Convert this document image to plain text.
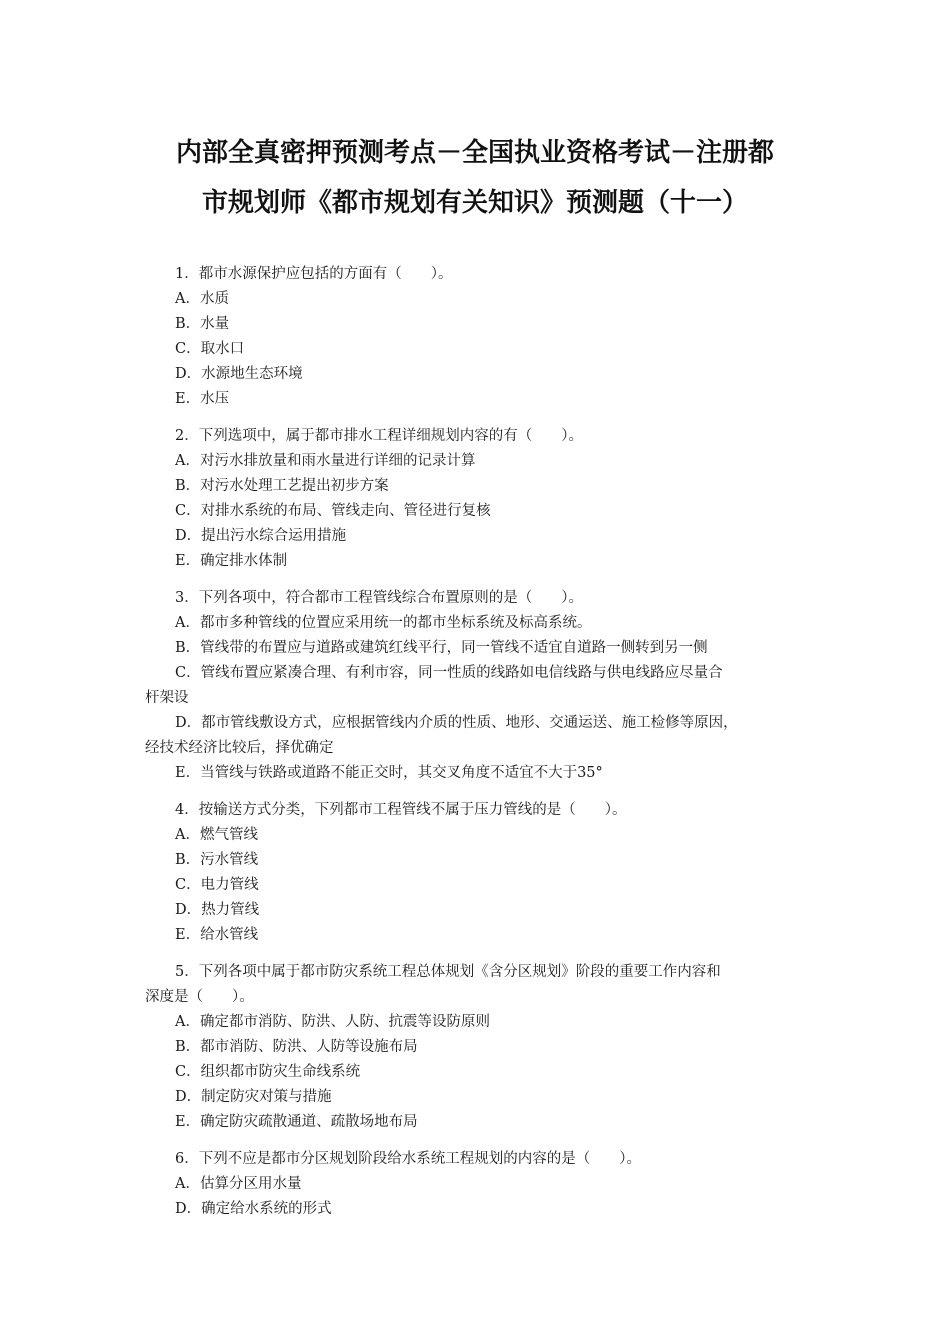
内部全真密押预测考点－全国执业资格考试－注册都
市规划师《都市规划有关知识》预测题（十一）
1．都市水源保护应包括的方面有（　　）。
A．水质
B．水量
C．取水口
D．水源地生态环境
E．水压
2．下列选项中，属于都市排水工程详细规划内容的有（　　）。
A．对污水排放量和雨水量进行详细的记录计算
B．对污水处理工艺提出初步方案
C．对排水系统的布局、管线走向、管径进行复核
D．提出污水综合运用措施
E．确定排水体制
3．下列各项中，符合都市工程管线综合布置原则的是（　　）。
A．都市多种管线的位置应采用统一的都市坐标系统及标高系统。
B．管线带的布置应与道路或建筑红线平行，同一管线不适宜自道路一侧转到另一侧
C．管线布置应紧凑合理、有利市容，同一性质的线路如电信线路与供电线路应尽量合
杆架设
D．都市管线敷设方式，应根据管线内介质的性质、地形、交通运送、施工检修等原因，
经技术经济比较后，择优确定
E．当管线与铁路或道路不能正交时，其交叉角度不适宜不大于35°
4．按输送方式分类，下列都市工程管线不属于压力管线的是（　　）。
A．燃气管线
B．污水管线
C．电力管线
D．热力管线
E．给水管线
5．下列各项中属于都市防灾系统工程总体规划《含分区规划》阶段的重要工作内容和
深度是（　　）。
A．确定都市消防、防洪、人防、抗震等设防原则
B．都市消防、防洪、人防等设施布局
C．组织都市防灾生命线系统
D．制定防灾对策与措施
E．确定防灾疏散通道、疏散场地布局
6．下列不应是都市分区规划阶段给水系统工程规划的内容的是（　　）。
A．估算分区用水量
D．确定给水系统的形式
